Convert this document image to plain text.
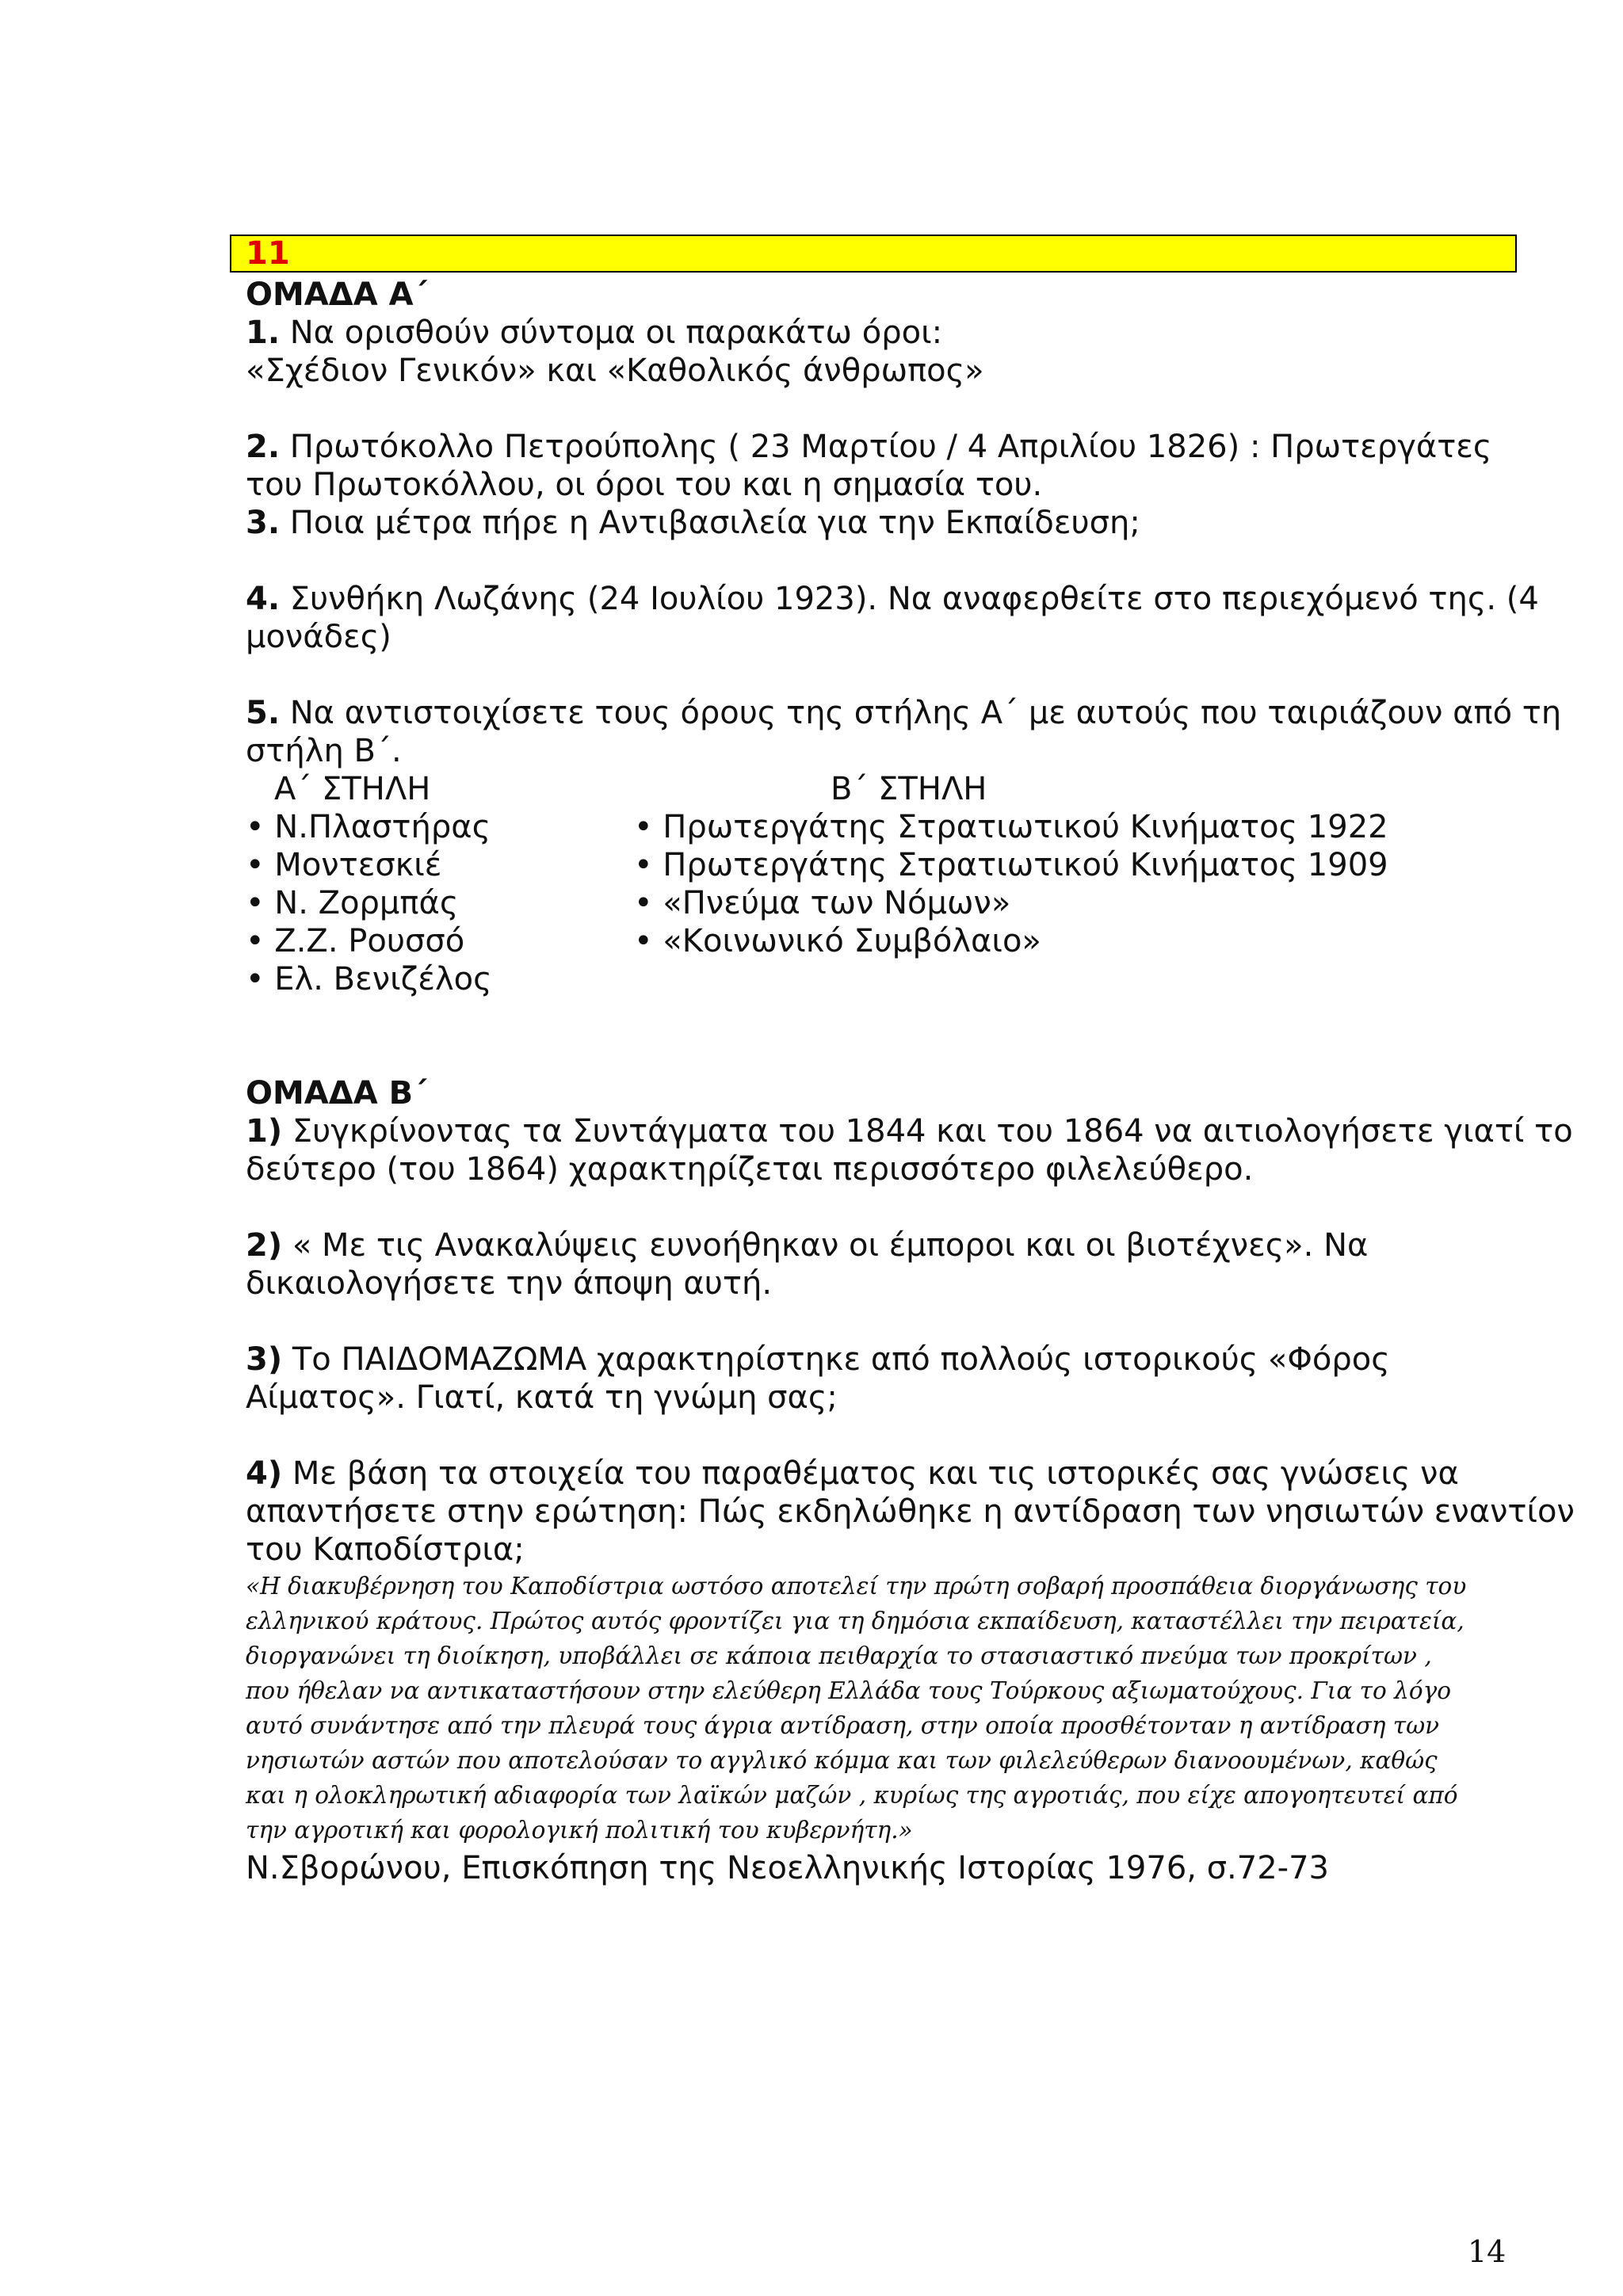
11
ΟΜΑΔΑ Α΄
1. Να ορισθούν σύντομα οι παρακάτω όροι:
«Σχέδιον Γενικόν» και «Καθολικός άνθρωπος»
2. Πρωτόκολλο Πετρούπολης ( 23 Μαρτίου / 4 Απριλίου 1826) : Πρωτεργάτες
του Πρωτοκόλλου, οι όροι του και η σημασία του.
3. Ποια μέτρα πήρε η Αντιβασιλεία για την Εκπαίδευση;
4. Συνθήκη Λωζάνης (24 Ιουλίου 1923). Να αναφερθείτε στο περιεχόμενό της. (4
μονάδες)
5. Να αντιστοιχίσετε τους όρους της στήλης Α΄ με αυτούς που ταιριάζουν από τη
στήλη Β΄.
Α΄ ΣΤΗΛΗ	Β΄ ΣΤΗΛΗ
• Ν.Πλαστήρας
• Μοντεσκιέ
• Ν. Ζορμπάς
• Ζ.Ζ. Ρουσσό
• Ελ. Βενιζέλος
• Πρωτεργάτης Στρατιωτικού Κινήματος 1922
• Πρωτεργάτης Στρατιωτικού Κινήματος 1909
• «Πνεύμα των Νόμων»
• «Κοινωνικό Συμβόλαιο»
ΟΜΑΔΑ Β΄
1) Συγκρίνοντας τα Συντάγματα του 1844 και του 1864 να αιτιολογήσετε γιατί το
δεύτερο (του 1864) χαρακτηρίζεται περισσότερο φιλελεύθερο.
2) « Με τις Ανακαλύψεις ευνοήθηκαν οι έμποροι και οι βιοτέχνες». Να
δικαιολογήσετε την άποψη αυτή.
3) Το ΠΑΙΔΟΜΑΖΩΜΑ χαρακτηρίστηκε από πολλούς ιστορικούς «Φόρος
Αίματος». Γιατί, κατά τη γνώμη σας;
4) Με βάση τα στοιχεία του παραθέματος και τις ιστορικές σας γνώσεις να
απαντήσετε στην ερώτηση: Πώς εκδηλώθηκε η αντίδραση των νησιωτών εναντίον
του Καποδίστρια;
«Η διακυβέρνηση του Καποδίστρια ωστόσο αποτελεί την πρώτη σοβαρή προσπάθεια διοργάνωσης του
ελληνικού κράτους. Πρώτος αυτός φροντίζει για τη δημόσια εκπαίδευση, καταστέλλει την πειρατεία,
διοργανώνει τη διοίκηση, υποβάλλει σε κάποια πειθαρχία το στασιαστικό πνεύμα των προκρίτων ,
που ήθελαν να αντικαταστήσουν στην ελεύθερη Ελλάδα τους Τούρκους αξιωματούχους. Για το λόγο
αυτό συνάντησε από την πλευρά τους άγρια αντίδραση, στην οποία προσθέτονταν η αντίδραση των
νησιωτών αστών που αποτελούσαν το αγγλικό κόμμα και των φιλελεύθερων διανοουμένων, καθώς
και η ολοκληρωτική αδιαφορία των λαϊκών μαζών , κυρίως της αγροτιάς, που είχε απογοητευτεί από
την αγροτική και φορολογική πολιτική του κυβερνήτη.»
Ν.Σβορώνου, Επισκόπηση της Νεοελληνικής Ιστορίας 1976, σ.72-73
14
